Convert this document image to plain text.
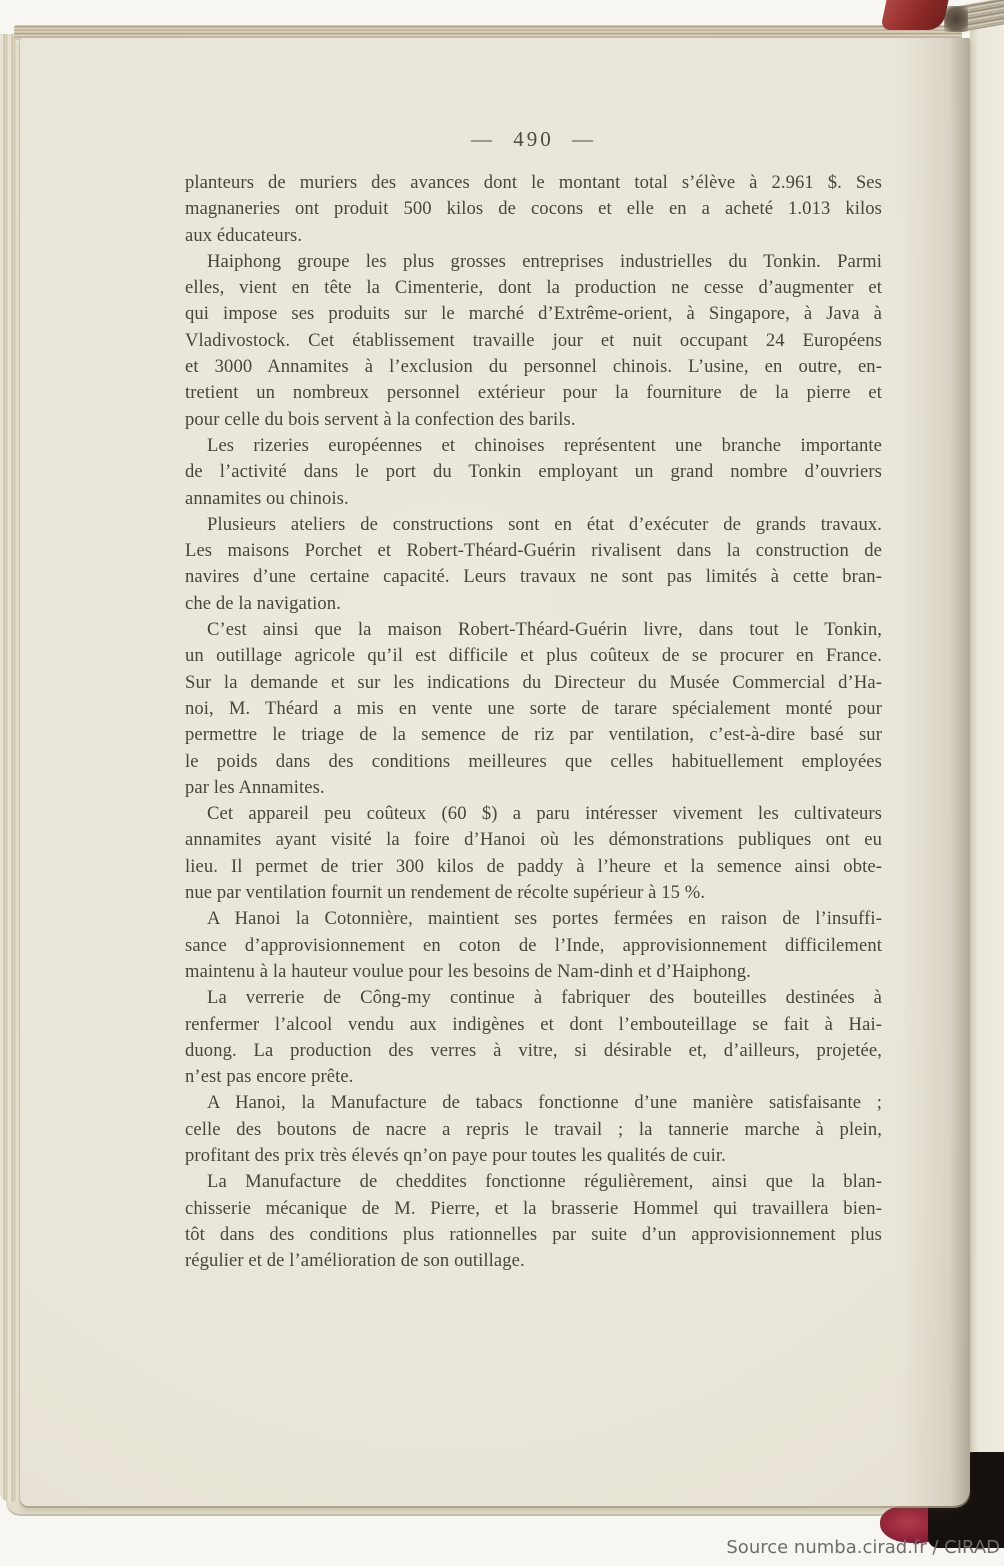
— 490 —
planteurs de muriers des avances dont le montant total s’élève à 2.961 $. Ses
magnaneries ont produit 500 kilos de cocons et elle en a acheté 1.013 kilos
aux éducateurs.
Haiphong groupe les plus grosses entreprises industrielles du Tonkin. Parmi
elles, vient en tête la Cimenterie, dont la production ne cesse d’augmenter et
qui impose ses produits sur le marché d’Extrême-orient, à Singapore, à Java à
Vladivostock. Cet établissement travaille jour et nuit occupant 24 Européens
et 3000 Annamites à l’exclusion du personnel chinois. L’usine, en outre, en-
tretient un nombreux personnel extérieur pour la fourniture de la pierre et
pour celle du bois servent à la confection des barils.
Les rizeries européennes et chinoises représentent une branche importante
de l’activité dans le port du Tonkin employant un grand nombre d’ouvriers
annamites ou chinois.
Plusieurs ateliers de constructions sont en état d’exécuter de grands travaux.
Les maisons Porchet et Robert-Théard-Guérin rivalisent dans la construction de
navires d’une certaine capacité. Leurs travaux ne sont pas limités à cette bran-
che de la navigation.
C’est ainsi que la maison Robert-Théard-Guérin livre, dans tout le Tonkin,
un outillage agricole qu’il est difficile et plus coûteux de se procurer en France.
Sur la demande et sur les indications du Directeur du Musée Commercial d’Ha-
noi, M. Théard a mis en vente une sorte de tarare spécialement monté pour
permettre le triage de la semence de riz par ventilation, c’est-à-dire basé sur
le poids dans des conditions meilleures que celles habituellement employées
par les Annamites.
Cet appareil peu coûteux (60 $) a paru intéresser vivement les cultivateurs
annamites ayant visité la foire d’Hanoi où les démonstrations publiques ont eu
lieu. Il permet de trier 300 kilos de paddy à l’heure et la semence ainsi obte-
nue par ventilation fournit un rendement de récolte supérieur à 15 %.
A Hanoi la Cotonnière, maintient ses portes fermées en raison de l’insuffi-
sance d’approvisionnement en coton de l’Inde, approvisionnement difficilement
maintenu à la hauteur voulue pour les besoins de Nam-dinh et d’Haiphong.
La verrerie de Công-my continue à fabriquer des bouteilles destinées à
renfermer l’alcool vendu aux indigènes et dont l’embouteillage se fait à Hai-
duong. La production des verres à vitre, si désirable et, d’ailleurs, projetée,
n’est pas encore prête.
A Hanoi, la Manufacture de tabacs fonctionne d’une manière satisfaisante ;
celle des boutons de nacre a repris le travail ; la tannerie marche à plein,
profitant des prix très élevés qn’on paye pour toutes les qualités de cuir.
La Manufacture de cheddites fonctionne régulièrement, ainsi que la blan-
chisserie mécanique de M. Pierre, et la brasserie Hommel qui travaillera bien-
tôt dans des conditions plus rationnelles par suite d’un approvisionnement plus
régulier et de l’amélioration de son outillage.
Source numba.cirad.fr / CIRAD
